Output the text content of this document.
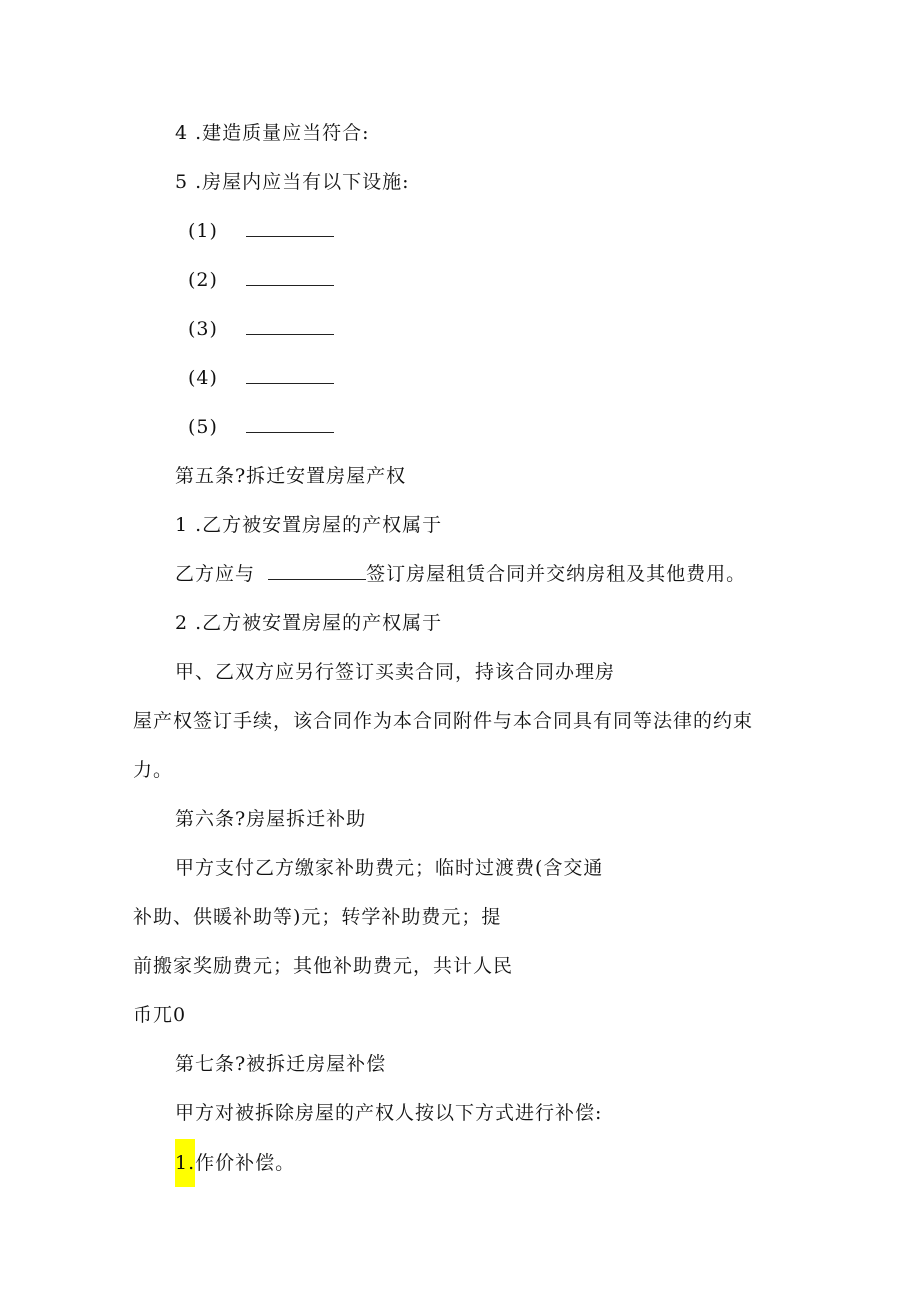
4 .建造质量应当符合:
5 .房屋内应当有以下设施:
(1)
(2)
(3)
(4)
(5)
第五条?拆迁安置房屋产权
1 .乙方被安置房屋的产权属于
乙方应与	签订房屋租赁合同并交纳房租及其他费用。
2 .乙方被安置房屋的产权属于
甲、乙双方应另行签订买卖合同，持该合同办理房
屋产权签订手续，该合同作为本合同附件与本合同具有同等法律的约束
力。
第六条?房屋拆迁补助
甲方支付乙方缴家补助费元；临时过渡费(含交通
补助、供暖补助等)元；转学补助费元；提
前搬家奖励费元；其他补助费元，共计人民
币兀0
第七条?被拆迁房屋补偿
甲方对被拆除房屋的产权人按以下方式进行补偿:
1.作价补偿。
